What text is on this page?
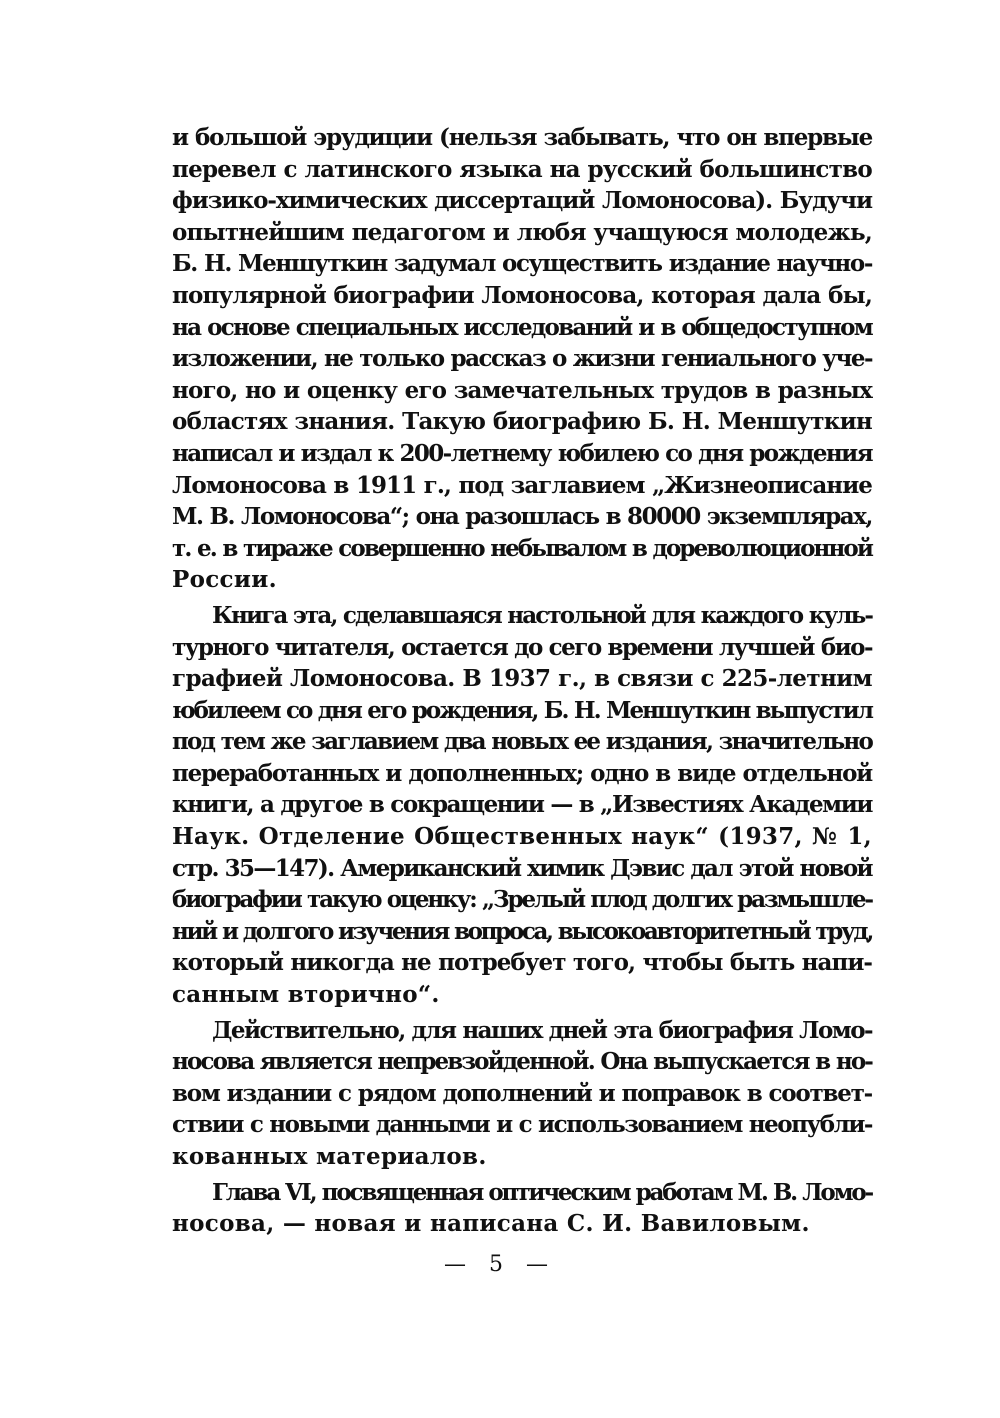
и большой эрудиции (нельзя забывать, что он впервые
перевел с латинского языка на русский большинство
физико-химических диссертаций Ломоносова). Будучи
опытнейшим педагогом и любя учащуюся молодежь,
Б. Н. Меншуткин задумал осуществить издание научно-
популярной биографии Ломоносова, которая дала бы,
на основе специальных исследований и в общедоступном
изложении, не только рассказ о жизни гениального уче-
ного, но и оценку его замечательных трудов в разных
областях знания. Такую биографию Б. Н. Меншуткин
написал и издал к 200-летнему юбилею со дня рождения
Ломоносова в 1911 г., под заглавием „Жизнеописание
М. В. Ломоносова“; она разошлась в 80000 экземплярах,
т. е. в тираже совершенно небывалом в дореволюционной
России.
Книга эта, сделавшаяся настольной для каждого куль-
турного читателя, остается до сего времени лучшей био-
графией Ломоносова. В 1937 г., в связи с 225-летним
юбилеем со дня его рождения, Б. Н. Меншуткин выпустил
под тем же заглавием два новых ее издания, значительно
переработанных и дополненных; одно в виде отдельной
книги, а другое в сокращении — в „Известиях Академии
Наук. Отделение Общественных наук“ (1937, № 1,
стр. 35—147). Американский химик Дэвис дал этой новой
биографии такую оценку: „Зрелый плод долгих размышле-
ний и долгого изучения вопроса, высокоавторитетный труд,
который никогда не потребует того, чтобы быть напи-
санным вторично“.
Действительно, для наших дней эта биография Ломо-
носова является непревзойденной. Она выпускается в но-
вом издании с рядом дополнений и поправок в соответ-
ствии с новыми данными и с использованием неопубли-
кованных материалов.
Глава VI, посвященная оптическим работам М. В. Ломо-
носова, — новая и написана С. И. Вавиловым.
— 5 —
